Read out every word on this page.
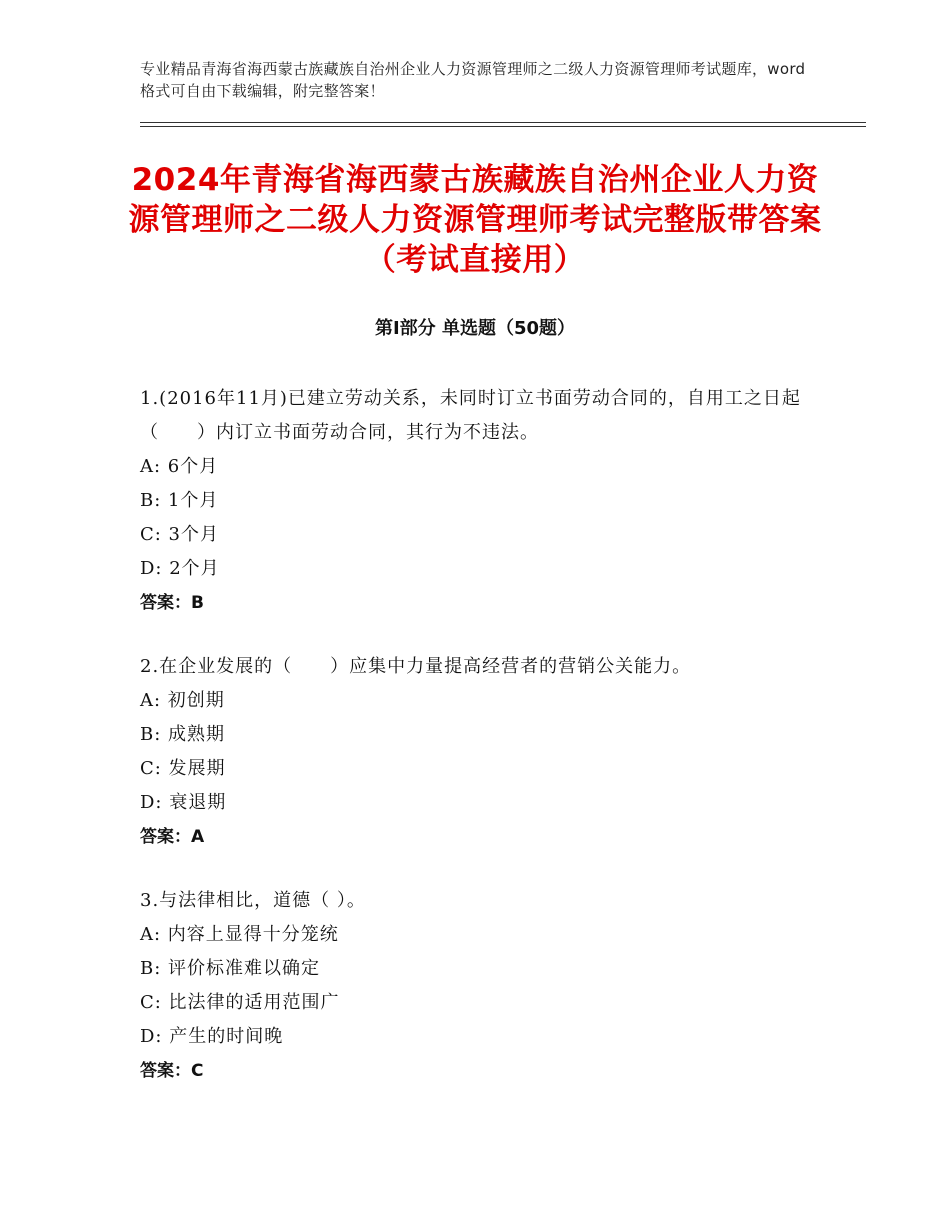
专业精品青海省海西蒙古族藏族自治州企业人力资源管理师之二级人力资源管理师考试题库，word格式可自由下载编辑，附完整答案！
2024年青海省海西蒙古族藏族自治州企业人力资源管理师之二级人力资源管理师考试完整版带答案（考试直接用）
第Ⅰ部分 单选题（50题）
1.(2016年11月)已建立劳动关系，未同时订立书面劳动合同的，自用工之日起（　　）内订立书面劳动合同，其行为不违法。
A: 6个月
B: 1个月
C: 3个月
D: 2个月
答案：B
2.在企业发展的（　　）应集中力量提高经营者的营销公关能力。
A: 初创期
B: 成熟期
C: 发展期
D: 衰退期
答案：A
3.与法律相比，道德（ ）。
A: 内容上显得十分笼统
B: 评价标准难以确定
C: 比法律的适用范围广
D: 产生的时间晚
答案：C
